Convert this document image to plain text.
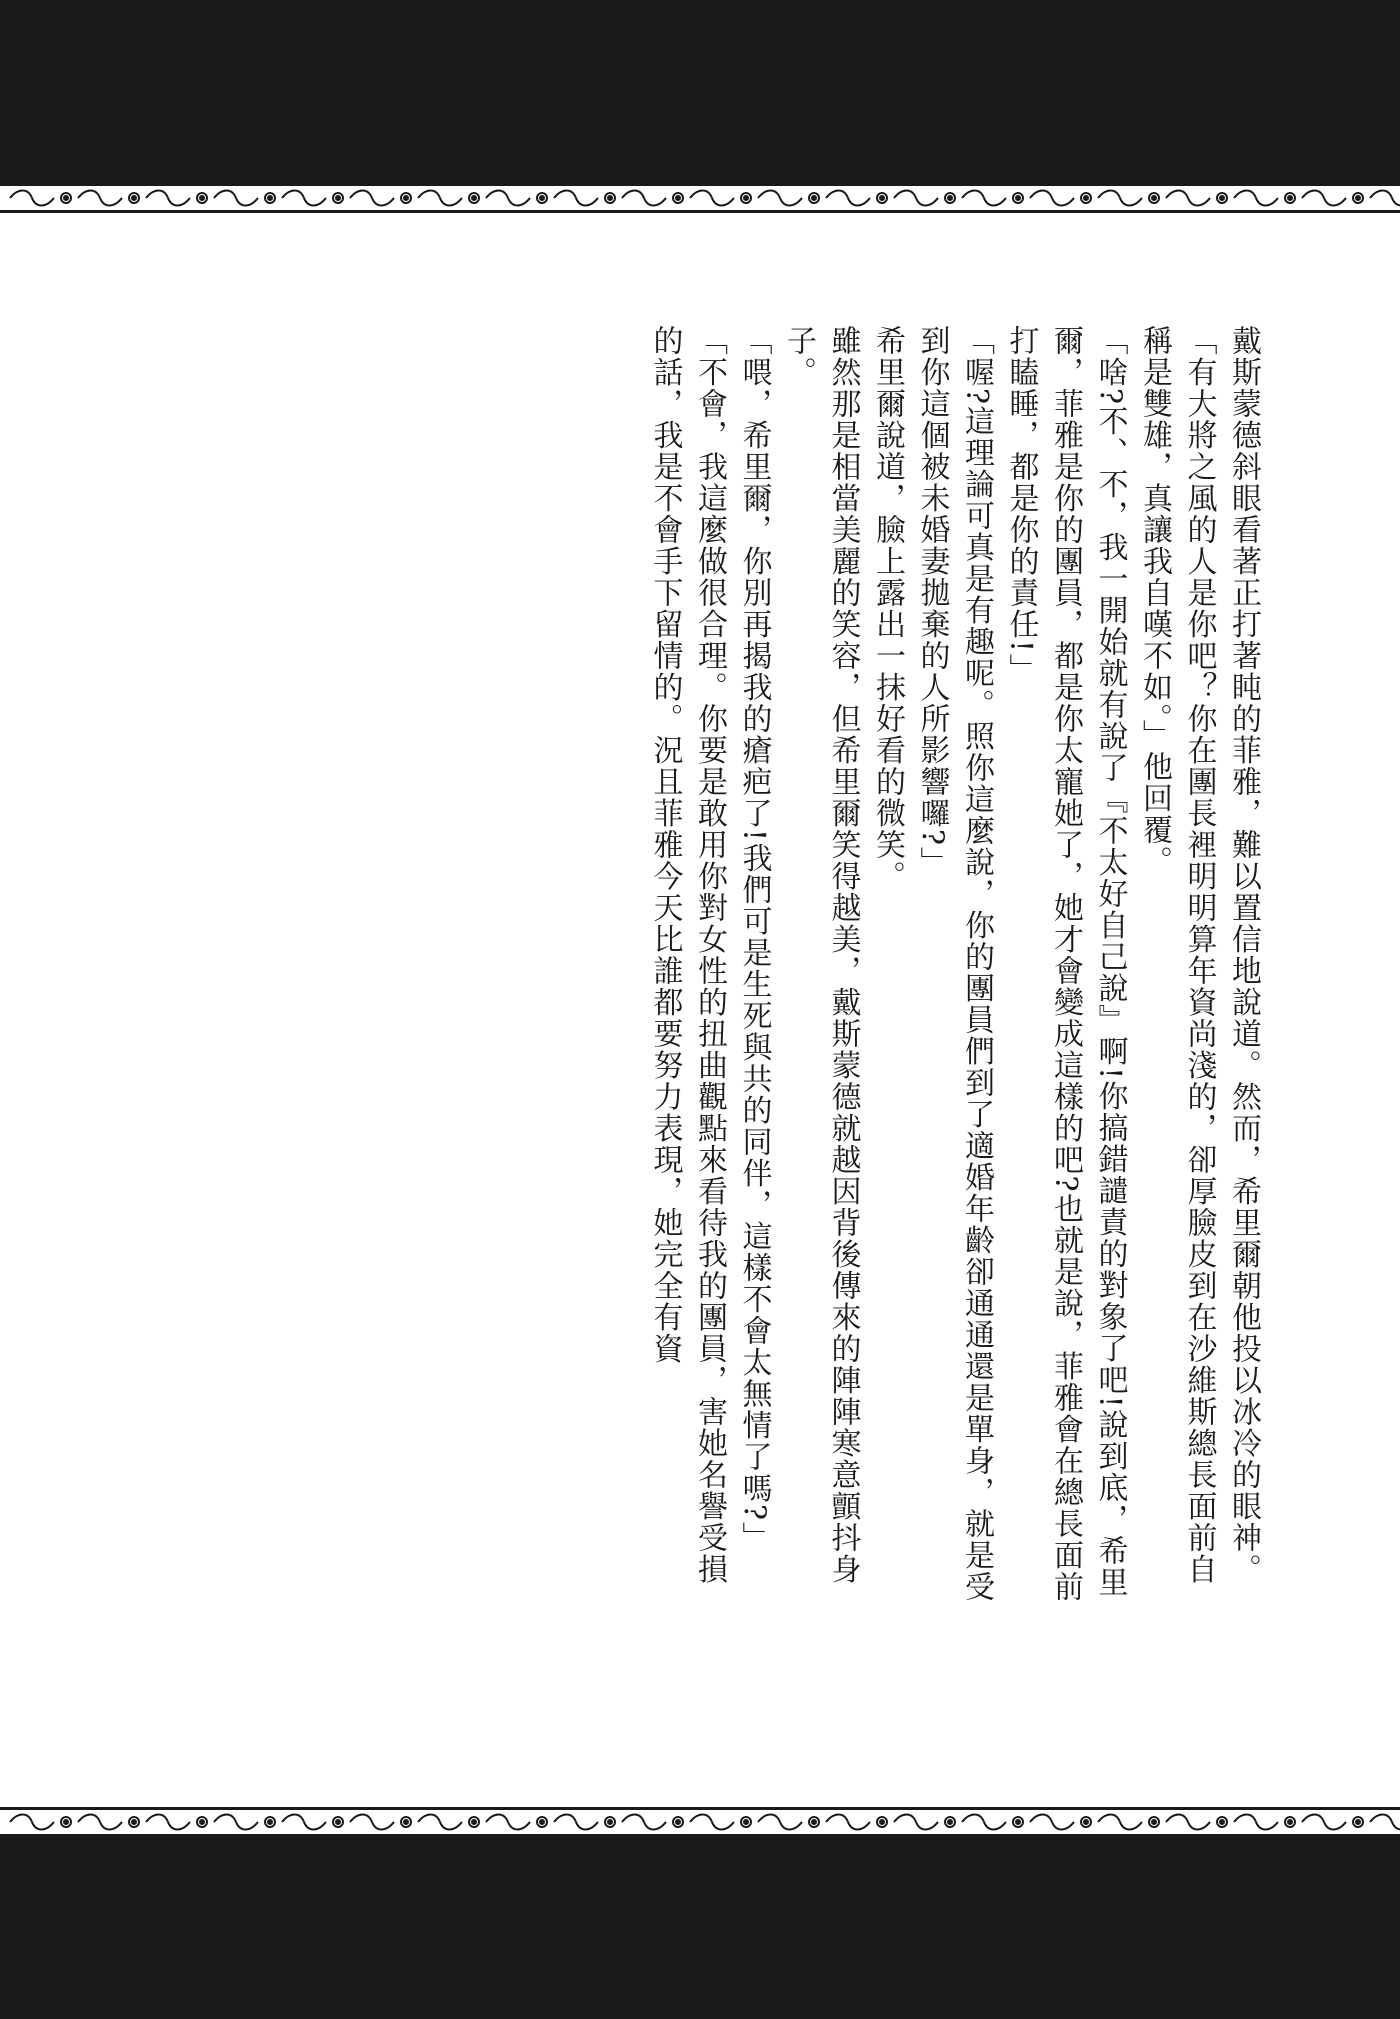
戴斯蒙德斜眼看著正打著盹的菲雅，難以置信地說道。然而，希里爾朝他投以冰冷的眼神。

「有大將之風的人是你吧？你在團長裡明明算年資尚淺的，卻厚臉皮到在沙維斯總長面前自稱是雙雄，真讓我自嘆不如。」他回覆。

「啥?不、不，我一開始就有說了『不太好自己說』啊!你搞錯譴責的對象了吧!說到底，希里爾，菲雅是你的團員，都是你太寵她了，她才會變成這樣的吧?也就是說，菲雅會在總長面前打瞌睡，都是你的責任!」

「喔?這理論可真是有趣呢。照你這麼說，你的團員們到了適婚年齡卻通通還是單身，就是受到你這個被未婚妻拋棄的人所影響囉?」

希里爾說道，臉上露出一抹好看的微笑。

雖然那是相當美麗的笑容，但希里爾笑得越美，戴斯蒙德就越因背後傳來的陣陣寒意顫抖身子。

「喂，希里爾，你別再揭我的瘡疤了!我們可是生死與共的同伴，這樣不會太無情了嗎?」

「不會，我這麼做很合理。你要是敢用你對女性的扭曲觀點來看待我的團員，害她名譽受損的話，我是不會手下留情的。況且菲雅今天比誰都要努力表現，她完全有資
